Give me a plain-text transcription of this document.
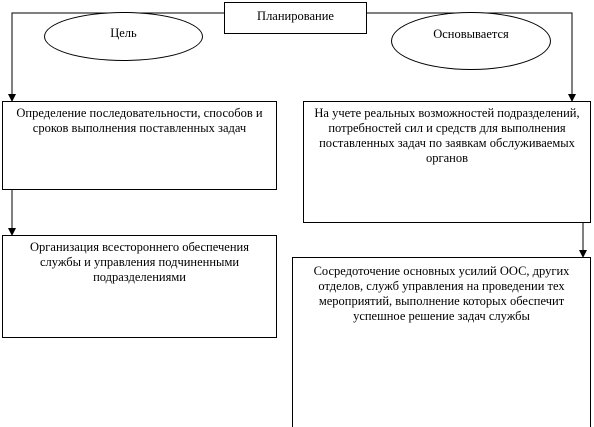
Планирование
Цель	Основывается
Определение последовательности, способов и сроков выполнения поставленных задач
Организация всестороннего обеспечения службы и управления подчиненными подразделениями
На учете реальных возможностей подразделений, потребностей сил и средств для выполнения поставленных задач по заявкам обслуживаемых органов
Сосредоточение основных усилий ООС, других отделов, служб управления на проведении тех мероприятий, выполнение которых обеспечит успешное решение задач службы
